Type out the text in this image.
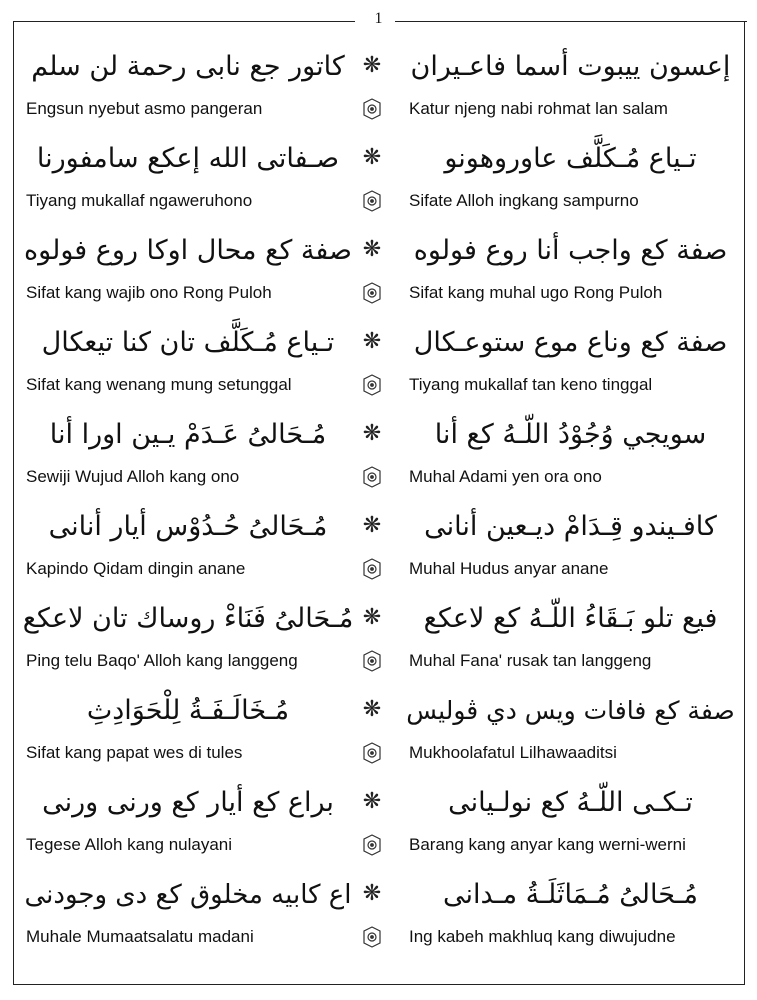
1
كاتور جع نابى رحمة لن سلم ❋ إعسون ييبوت أسما فاعـيران
Engsun nyebut asmo pangeran	Katur njeng nabi rohmat lan salam
صـفاتى الله إعكع سامفورنا	❋	تـياع مُـكَلَّف عاوروهونو
Tiyang mukallaf ngaweruhono	Sifate Alloh ingkang sampurno
صفة كع محال اوكا روع فولوه ❋	صفة كع واجب أنا روع فولوه
Sifat kang wajib ono Rong Puloh	Sifat kang muhal ugo Rong Puloh
تـياع مُـكَلَّف تان كنا تيعكال	❋	صفة كع وناع موع ستوعـكال
Sifat kang wenang mung setunggal	Tiyang mukallaf tan keno tinggal
مُـحَالىُ عَـدَمْ يـين اورا أنا	❋	سويجي وُجُوْدُ اللّـهُ كع أنا
Sewiji Wujud Alloh kang ono	Muhal Adami yen ora ono
مُـحَالىُ حُـدُوْس أيار أنانى	❋	كافـيندو قِـدَامْ ديـعين أنانى
Kapindo Qidam dingin anane	Muhal Hudus anyar anane
مُـحَالىُ فَنَاءْ روساك تان لاعكع ❋	فيع تلو بَـقَاءُ اللّـهُ كع لاعكع
Ping telu Baqo' Alloh kang langgeng	Muhal Fana' rusak tan langgeng
مُـخَالَـفَـةُ لِلْحَوَادِثِ	❋ صفة كع فافات ويس دي ڤوليس
Sifat kang papat wes di tules	Mukhoolafatul Lilhawaaditsi
براع كع أيار كع ورنى ورنى	❋	تـكـى اللّـهُ كع نولـيانى
Tegese Alloh kang nulayani	Barang kang anyar kang werni-werni
اع كابيه مخلوق كع دى وجودنى ❋	مُـحَالىُ مُـمَاثَلَـةُ مـدانى
Muhale Mumaatsalatu madani	Ing kabeh makhluq kang diwujudne
